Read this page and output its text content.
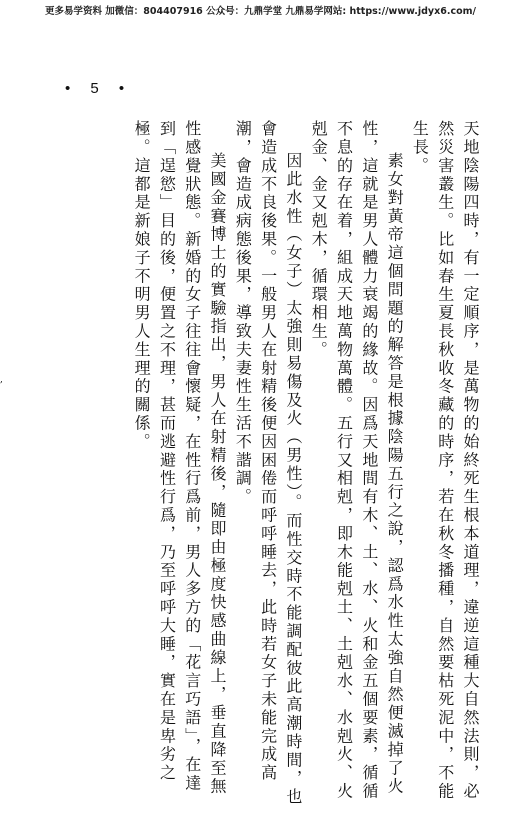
更多易学资料 加微信：804407916 公众号：九鼎学堂 九鼎易学网站: https://www.jdyx6.com/
• 5 •
,	天地陰陽四時，有一定順序，是萬物的始終死生根本道理，違逆這種大自然法則，必然災害叢生。比如春生夏長秋收冬藏的時序，若在秋冬播種，自然要枯死泥中，不能生長。

素女對黃帝這個問題的解答是根據陰陽五行之說，認爲水性太強自然便滅掉了火性，這就是男人體力衰竭的緣故。因爲天地間有木、土、水、火和金五個要素，循循不息的存在着，組成天地萬物萬體。五行又相剋，即木能剋土、土剋水、水剋火、火剋金、金又剋木，循環相生。

因此水性（女子）太強則易傷及火（男性）。而性交時不能調配彼此高潮時間，也會造成不良後果。一般男人在射精後便因困倦而呼呼睡去，此時若女子未能完成高潮，會造成病態後果，導致夫妻性生活不諧調。

美國金賽博士的實驗指出，男人在射精後，隨即由極度快感曲線上，垂直降至無性感覺狀態。新婚的女子往往會懷疑，在性行爲前，男人多方的「花言巧語」，在達到「逞慾」目的後，便置之不理，甚而逃避性行爲，乃至呼呼大睡，實在是卑劣之極。這都是新娘子不明男人生理的關係。
